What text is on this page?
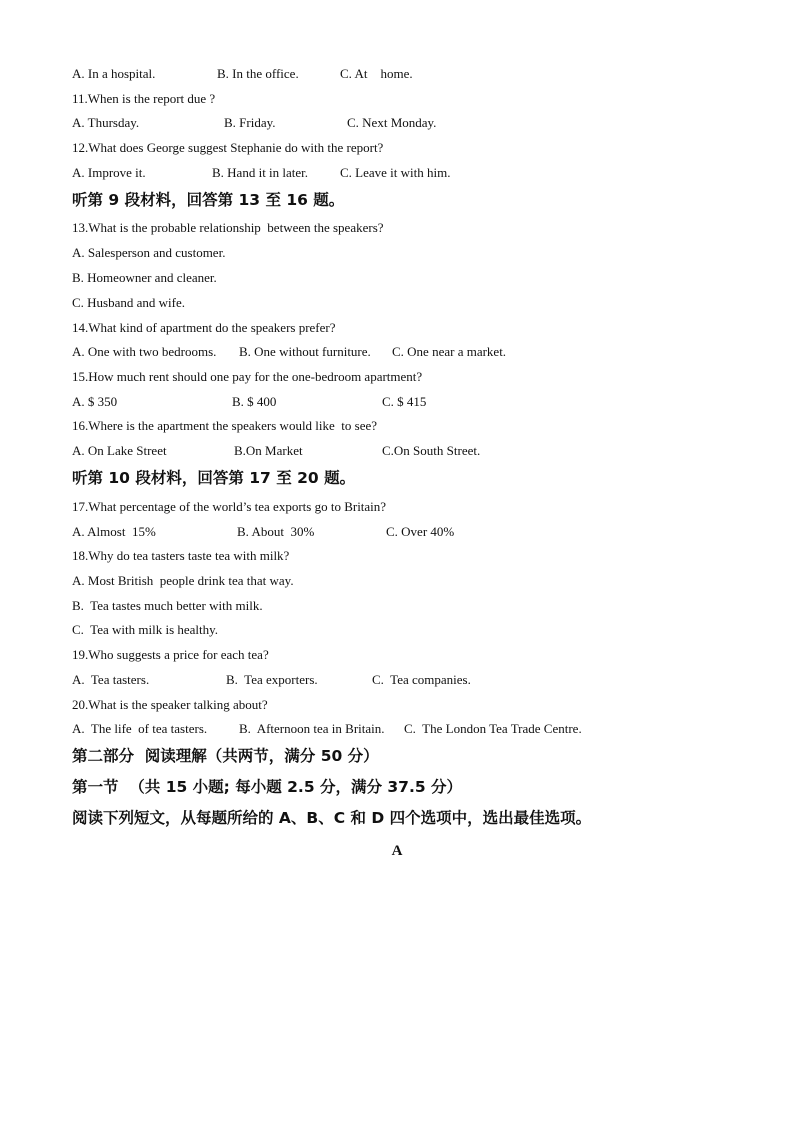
A. In a hospital.	B. In the office.	C. At    home.
11.When is the report due ?
A. Thursday.	B. Friday.	C. Next Monday.
12.What does George suggest Stephanie do with the report?
A. Improve it.	B. Hand it in later. C. Leave it with him.
听第 9 段材料，回答第 13 至 16 题。
13.What is the probable relationship  between the speakers?
A. Salesperson and customer.
B. Homeowner and cleaner.
C. Husband and wife.
14.What kind of apartment do the speakers prefer?
A. One with two bedrooms. B. One without furniture. C. One near a market.
15.How much rent should one pay for the one-bedroom apartment?
A. $ 350	B. $ 400	C. $ 415
16.Where is the apartment the speakers would like  to see?
A. On Lake Street	B.On Market	C.On South Street.
听第 10 段材料，回答第 17 至 20 题。
17.What percentage of the world’s tea exports go to Britain?
A. Almost  15%	B. About  30%	C. Over 40%
18.Why do tea tasters taste tea with milk?
A. Most British  people drink tea that way.
B.  Tea tastes much better with milk.
C.  Tea with milk is healthy.
19.Who suggests a price for each tea?
A.  Tea tasters.	B.  Tea exporters.	C.  Tea companies.
20.What is the speaker talking about?
A.  The life  of tea tasters. B.  Afternoon tea in Britain. C.  The London Tea Trade Centre.
第二部分  阅读理解（共两节，满分 50 分）
第一节  （共 15 小题; 每小题 2.5 分，满分 37.5 分）
阅读下列短文，从每题所给的 A、B、C 和 D 四个选项中，选出最佳选项。
A
